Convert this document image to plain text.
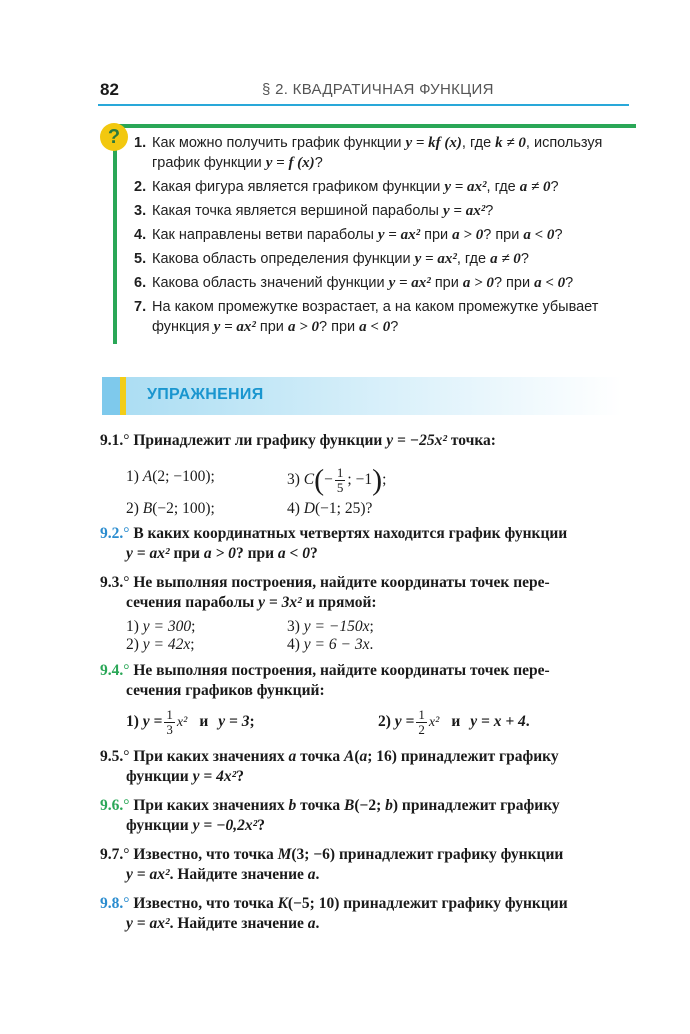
82	§ 2. КВАДРАТИЧНАЯ ФУНКЦИЯ
? 1. Как можно получить график функции y = kf (x), где k ≠ 0, используя
график функции y = f (x)?
2. Какая фигура является графиком функции y = ax², где a ≠ 0?
3. Какая точка является вершиной параболы y = ax²?
4. Как направлены ветви параболы y = ax² при a > 0? при a < 0?
5. Какова область определения функции y = ax², где a ≠ 0?
6. Какова область значений функции y = ax² при a > 0? при a < 0?
7. На каком промежутке возрастает, а на каком промежутке убывает
функция y = ax² при a > 0? при a < 0?
УПРАЖНЕНИЯ
9.1.° Принадлежит ли графику функции y = −25x² точка:
1) A(2; −100);	3) $C(- \frac{1}{5}$ ; −1);
2) B(−2; 100);	4) D(−1; 25)?
9.2.° В каких координатных четвертях находится график функции
y = ax² при a > 0? при a < 0?
9.3.° Не выполняя построения, найдите координаты точек пере-
сечения параболы y = 3x² и прямой:
1) y = 300;	3) y = −150x;
2) y = 42x;	4) y = 6 − 3x.
9.4.° Не выполняя построения, найдите координаты точек пере-
сечения графиков функций:
1) $y = \frac{1}{3} x^2$ и y = 3;	2) $y = \frac{1}{2} x^2$ и y = x + 4.
9.5.° При каких значениях a точка A(a; 16) принадлежит графику
функции y = 4x²?
9.6.° При каких значениях b точка B(−2; b) принадлежит графику
функции y = −0,2x²?
9.7.° Известно, что точка M(3; −6) принадлежит графику функции
y = ax². Найдите значение a.
9.8.° Известно, что точка K(−5; 10) принадлежит графику функции
y = ax². Найдите значение a.
